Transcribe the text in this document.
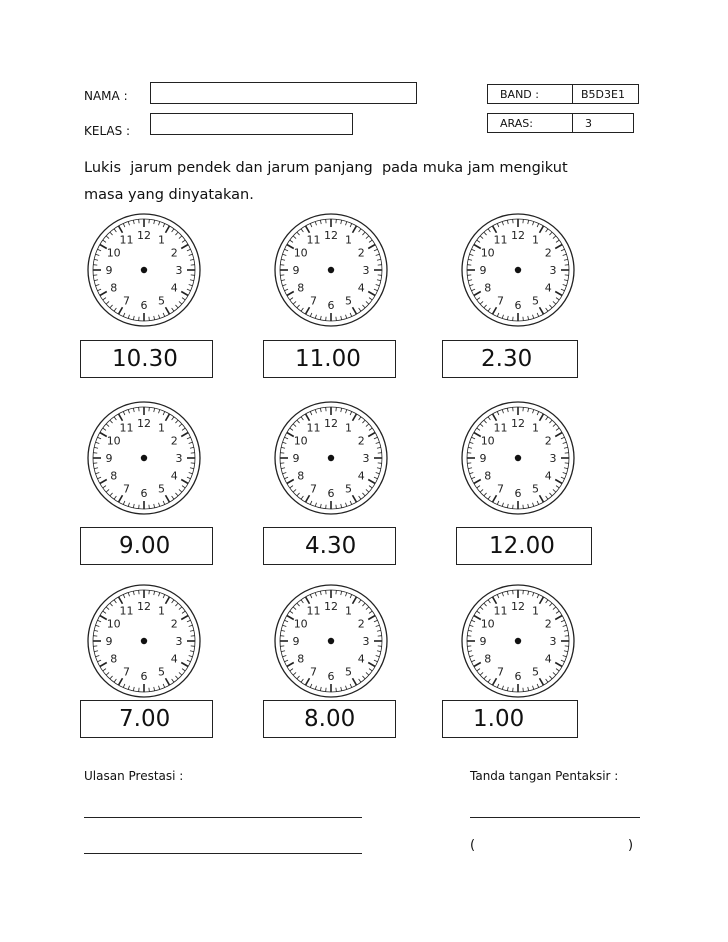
NAMA :
KELAS :
BAND :	B5D3E1
ARAS:	3
Lukis  jarum pendek dan jarum panjang  pada muka jam mengikut
masa yang dinyatakan.
12 1
2
3
4
5
6
7
8
9
10
11	12 1
2
3
4
5
6
7
8
9
10
11	12 1
2
3
4
5
6
7
8
9
10
11
12 1
2
3
4
5
6
7
8
9
10
11	12 1
2
3
4
5
6
7
8
9
10
11	12 1
2
3
4
5
6
7
8
9
10
11
12 1
2
3
4
5
6
7
8
9
10
11	12 1
2
3
4
5
6
7
8
9
10
11	12 1
2
3
4
5
6
7
8
9
10
11
10.30	11.00	2.30
9.00	4.30	12.00
7.00	8.00	1.00
Ulasan Prestasi :	Tanda tangan Pentaksir :
(	)
